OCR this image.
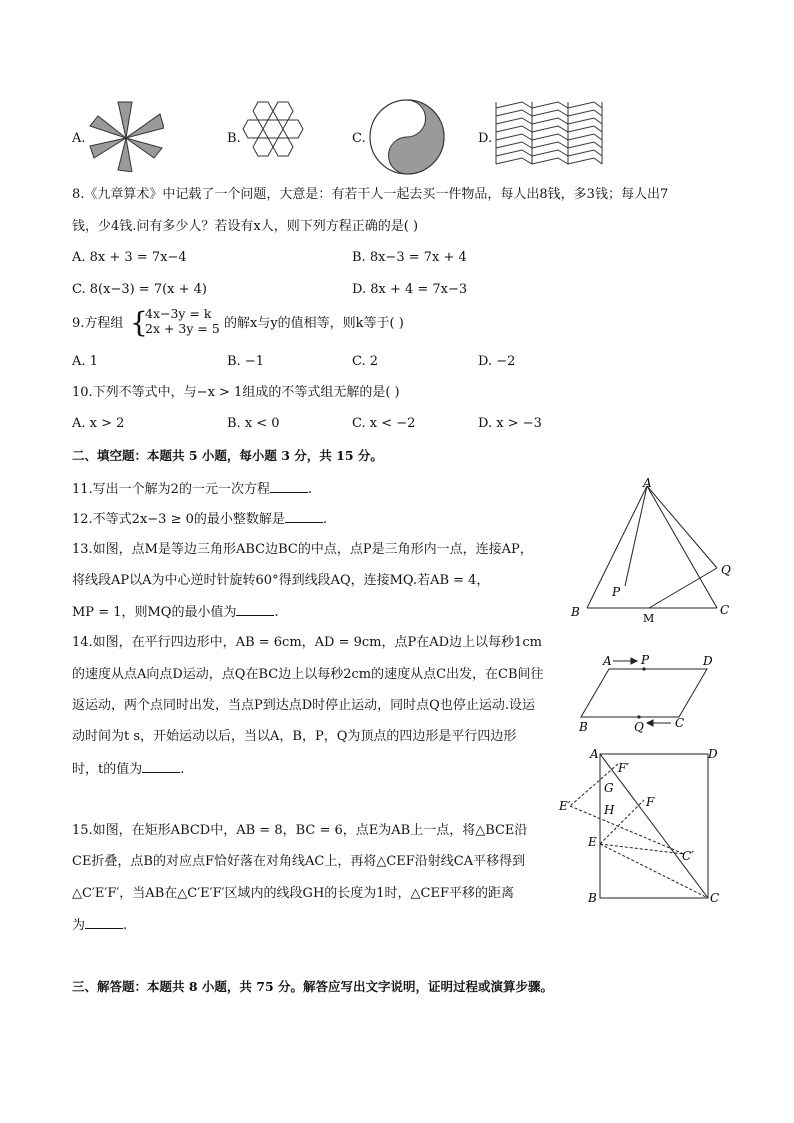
A.	B.	C.	D.
8.《九章算术》中记载了一个问题，大意是：有若干人一起去买一件物品，每人出8钱，多3钱；每人出7
钱，少4钱.问有多少人？若设有x人，则下列方程正确的是( )
A. 8x + 3 = 7x−4	B. 8x−3 = 7x + 4
C. 8(x−3) = 7(x + 4)	D. 8x + 4 = 7x−3
9.方程组 {
4x−3y = k
2x + 3y = 5 的解x与y的值相等，则k等于( )
A. 1	B. −1	C. 2	D. −2
10.下列不等式中，与−x > 1组成的不等式组无解的是( )
A. x > 2	B. x < 0	C. x < −2	D. x > −3
二、填空题：本题共 5 小题，每小题 3 分，共 15 分。
11.写出一个解为2的一元一次方程	.
12.不等式2x−3 ≥ 0的最小整数解是	.
13.如图，点M是等边三角形ABC边BC的中点，点P是三角形内一点，连接AP，
将线段AP以A为中心逆时针旋转60°得到线段AQ，连接MQ.若AB = 4，
MP = 1，则MQ的最小值为	.
A
B	C
M
P
Q
14.如图，在平行四边形中，AB = 6cm，AD = 9cm，点P在AD边上以每秒1cm
的速度从点A向点D运动，点Q在BC边上以每秒2cm的速度从点C出发，在CB间往
返运动，两个点同时出发，当点P到达点D时停止运动，同时点Q也停止运动.设运
动时间为t s，开始运动以后，当以A，B，P，Q为顶点的四边形是平行四边形
时，t的值为	.
A P	D
B	Q	C
15.如图，在矩形ABCD中，AB = 8，BC = 6，点E为AB上一点，将△BCE沿
CE折叠，点B的对应点F恰好落在对角线AC上，再将△CEF沿射线CA平移得到
△C′E′F′，当AB在△C′E′F′区域内的线段GH的长度为1时，△CEF平移的距离
为	.
A	D
F′
G
E′	F
H
E
C′
B	C
三、解答题：本题共 8 小题，共 75 分。解答应写出文字说明，证明过程或演算步骤。
